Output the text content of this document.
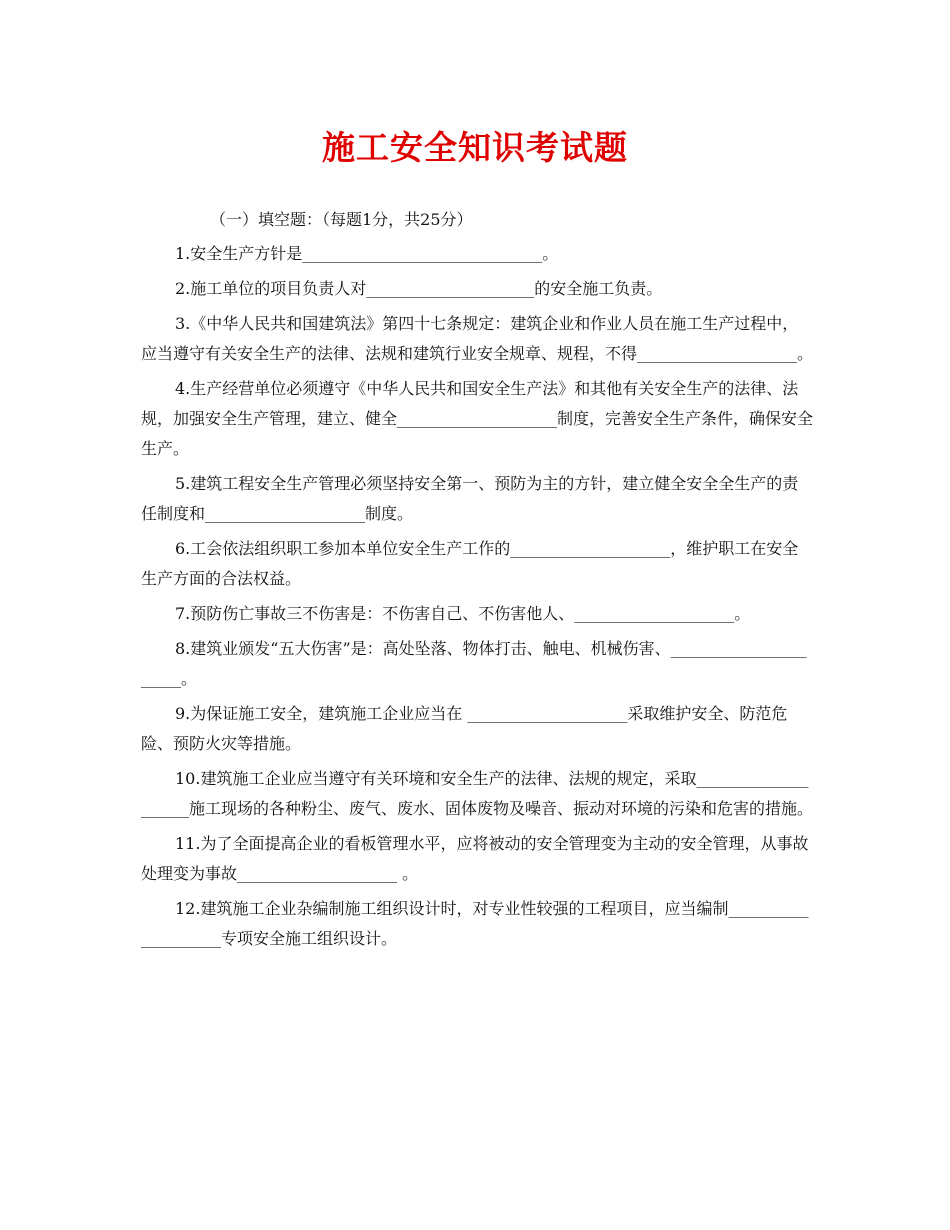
施工安全知识考试题

（一）填空题：（每题1分，共25分）

1.安全生产方针是______________________________。

2.施工单位的项目负责人对_____________________的安全施工负责。

3.《中华人民共和国建筑法》第四十七条规定：建筑企业和作业人员在施工生产过程中，应当遵守有关安全生产的法律、法规和建筑行业安全规章、规程，不得____________________。

4.生产经营单位必须遵守《中华人民共和国安全生产法》和其他有关安全生产的法律、法规，加强安全生产管理，建立、健全____________________制度，完善安全生产条件，确保安全生产。

5.建筑工程安全生产管理必须坚持安全第一、预防为主的方针，建立健全安全全生产的责任制度和____________________制度。

6.工会依法组织职工参加本单位安全生产工作的____________________，维护职工在安全生产方面的合法权益。

7.预防伤亡事故三不伤害是：不伤害自己、不伤害他人、____________________。

8.建筑业颁发“五大伤害”是：高处坠落、物体打击、触电、机械伤害、______________________。

9.为保证施工安全，建筑施工企业应当在 ____________________采取维护安全、防范危险、预防火灾等措施。

10.建筑施工企业应当遵守有关环境和安全生产的法律、法规的规定，采取____________________施工现场的各种粉尘、废气、废水、固体废物及噪音、振动对环境的污染和危害的措施。

11.为了全面提高企业的看板管理水平，应将被动的安全管理变为主动的安全管理，从事故处理变为事故____________________ 。

12.建筑施工企业杂编制施工组织设计时，对专业性较强的工程项目，应当编制____________________专项安全施工组织设计。
